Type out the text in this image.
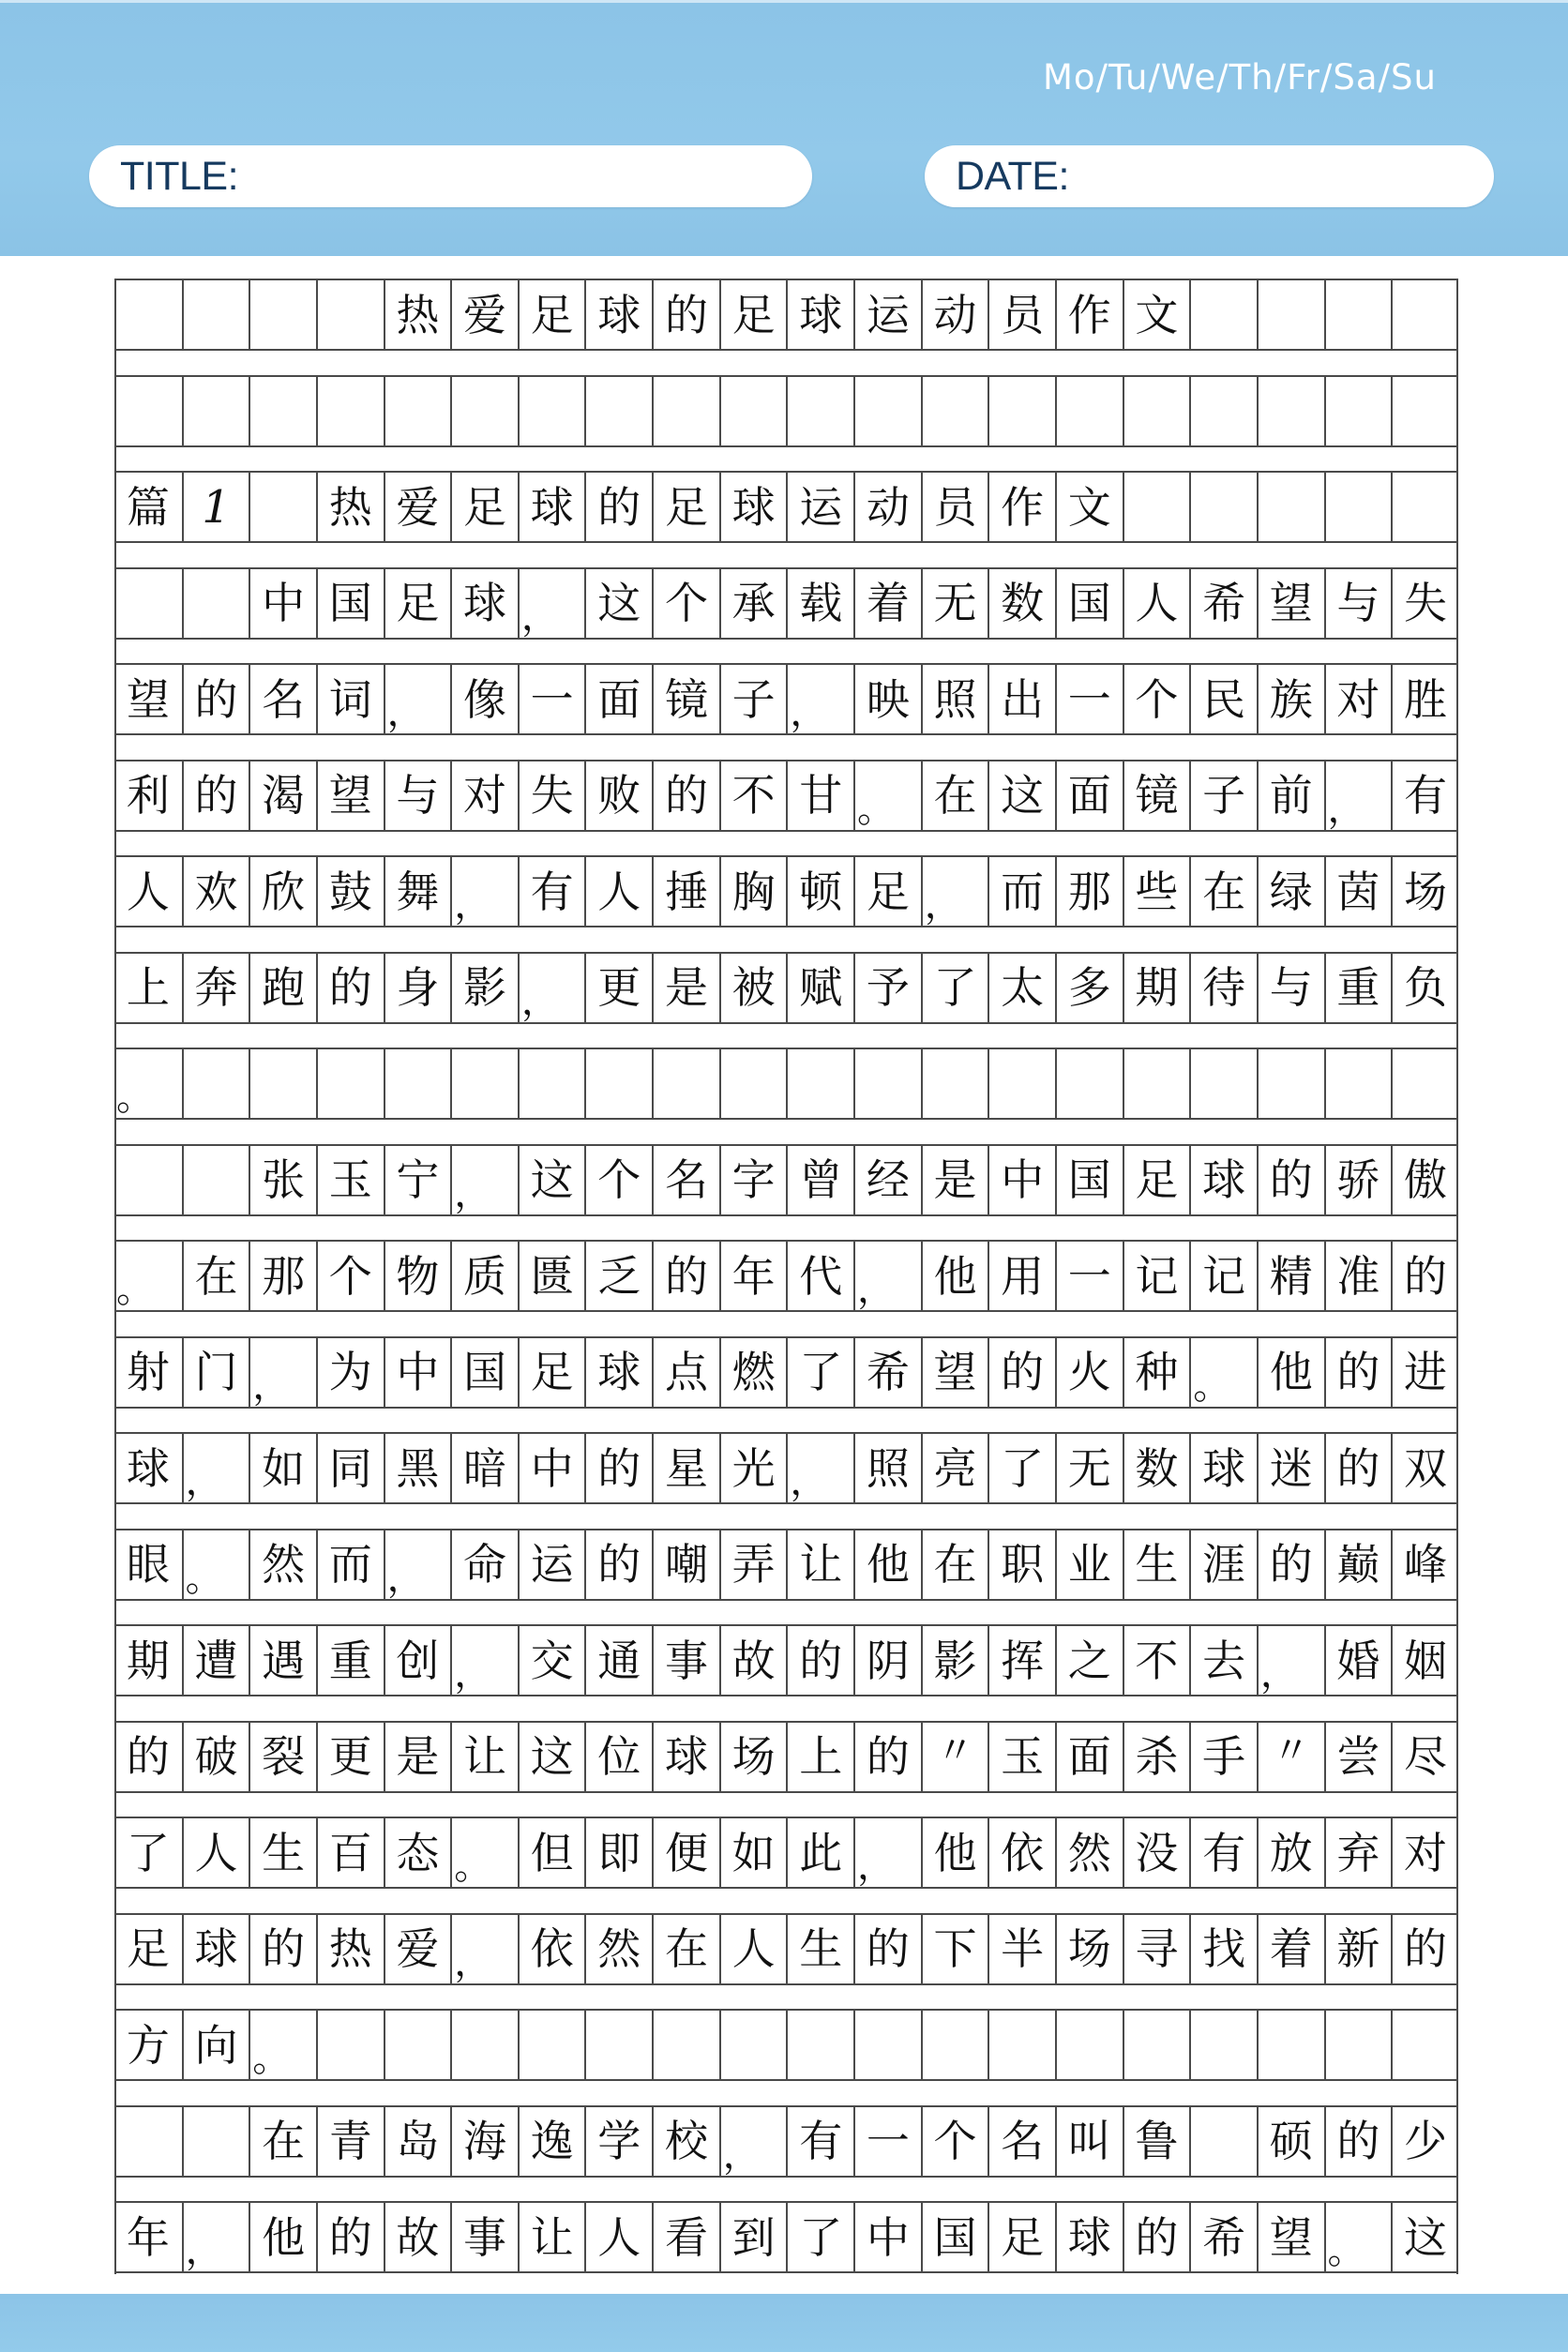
Mo/Tu/We/Th/Fr/Sa/Su
TITLE:	DATE:
热 爱 足 球 的 足 球 运 动 员 作 文
篇 1	热 爱 足 球 的 足 球 运 动 员 作 文
中 国 足 球 ， 这 个 承 载 着 无 数 国 人 希 望 与 失
望 的 名 词 ， 像 一 面 镜 子 ， 映 照 出 一 个 民 族 对 胜
利 的 渴 望 与 对 失 败 的 不 甘 。 在 这 面 镜 子 前 ， 有
人 欢 欣 鼓 舞 ， 有 人 捶 胸 顿 足 ， 而 那 些 在 绿 茵 场
上 奔 跑 的 身 影 ， 更 是 被 赋 予 了 太 多 期 待 与 重 负
。
张 玉 宁 ， 这 个 名 字 曾 经 是 中 国 足 球 的 骄 傲
。 在 那 个 物 质 匮 乏 的 年 代 ， 他 用 一 记 记 精 准 的
射 门 ， 为 中 国 足 球 点 燃 了 希 望 的 火 种 。 他 的 进
球 ， 如 同 黑 暗 中 的 星 光 ， 照 亮 了 无 数 球 迷 的 双
眼 。 然 而 ， 命 运 的 嘲 弄 让 他 在 职 业 生 涯 的 巅 峰
期 遭 遇 重 创 ， 交 通 事 故 的 阴 影 挥 之 不 去 ， 婚 姻
的 破 裂 更 是 让 这 位 球 场 上 的 〃 玉 面 杀 手 〃 尝 尽
了 人 生 百 态 。 但 即 便 如 此 ， 他 依 然 没 有 放 弃 对
足 球 的 热 爱 ， 依 然 在 人 生 的 下 半 场 寻 找 着 新 的
方 向 。
在 青 岛 海 逸 学 校 ， 有 一 个 名 叫 鲁	硕 的 少
年 ， 他 的 故 事 让 人 看 到 了 中 国 足 球 的 希 望 。 这
